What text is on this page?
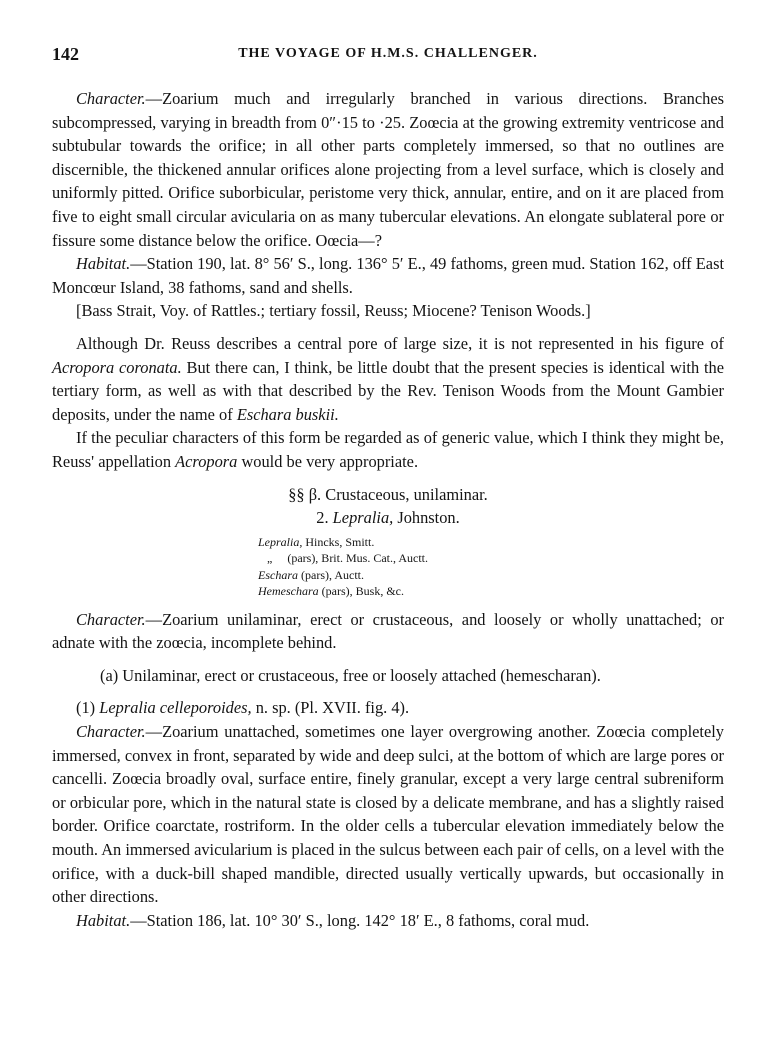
142	THE VOYAGE OF H.M.S. CHALLENGER.

Character.—Zoarium much and irregularly branched in various directions. Branches subcompressed, varying in breadth from 0″·15 to ·25. Zoœcia at the growing extremity ventricose and subtubular towards the orifice; in all other parts completely immersed, so that no outlines are discernible, the thickened annular orifices alone projecting from a level surface, which is closely and uniformly pitted. Orifice suborbicular, peristome very thick, annular, entire, and on it are placed from five to eight small circular avicularia on as many tubercular elevations. An elongate sublateral pore or fissure some distance below the orifice. Oœcia—?

Habitat.—Station 190, lat. 8° 56′ S., long. 136° 5′ E., 49 fathoms, green mud. Station 162, off East Moncœur Island, 38 fathoms, sand and shells.

[Bass Strait, Voy. of Rattles.; tertiary fossil, Reuss; Miocene? Tenison Woods.]

Although Dr. Reuss describes a central pore of large size, it is not represented in his figure of Acropora coronata. But there can, I think, be little doubt that the present species is identical with the tertiary form, as well as with that described by the Rev. Tenison Woods from the Mount Gambier deposits, under the name of Eschara buskii.

If the peculiar characters of this form be regarded as of generic value, which I think they might be, Reuss' appellation Acropora would be very appropriate.

§§ β. Crustaceous, unilaminar.

2. Lepralia, Johnston.

Lepralia, Hincks, Smitt.
„     (pars), Brit. Mus. Cat., Auctt.
Eschara (pars), Auctt.
Hemeschara (pars), Busk, &c.

Character.—Zoarium unilaminar, erect or crustaceous, and loosely or wholly unattached; or adnate with the zoœcia, incomplete behind.

(a) Unilaminar, erect or crustaceous, free or loosely attached (hemescharan).

(1) Lepralia celleporoides, n. sp. (Pl. XVII. fig. 4).

Character.—Zoarium unattached, sometimes one layer overgrowing another. Zoœcia completely immersed, convex in front, separated by wide and deep sulci, at the bottom of which are large pores or cancelli. Zoœcia broadly oval, surface entire, finely granular, except a very large central subreniform or orbicular pore, which in the natural state is closed by a delicate membrane, and has a slightly raised border. Orifice coarctate, rostriform. In the older cells a tubercular elevation immediately below the mouth. An immersed avicularium is placed in the sulcus between each pair of cells, on a level with the orifice, with a duck-bill shaped mandible, directed usually vertically upwards, but occasionally in other directions.

Habitat.—Station 186, lat. 10° 30′ S., long. 142° 18′ E., 8 fathoms, coral mud.
